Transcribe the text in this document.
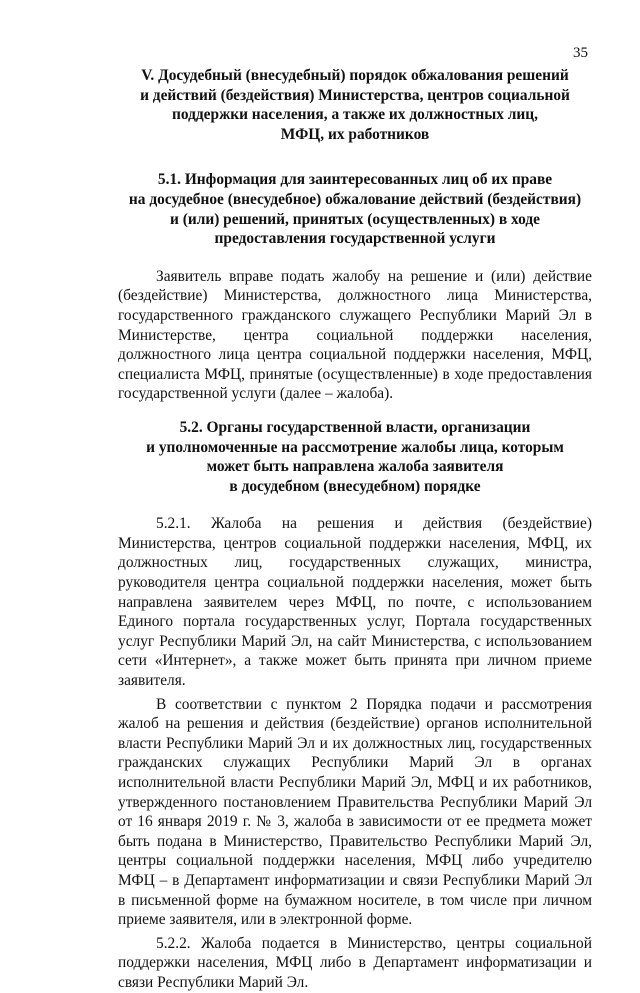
35

V. Досудебный (внесудебный) порядок обжалования решений
и действий (бездействия) Министерства, центров социальной
поддержки населения, а также их должностных лиц,
МФЦ, их работников

5.1. Информация для заинтересованных лиц об их праве
на досудебное (внесудебное) обжалование действий (бездействия)
и (или) решений, принятых (осуществленных) в ходе
предоставления государственной услуги

Заявитель вправе подать жалобу на решение и (или) действие (бездействие) Министерства, должностного лица Министерства, государственного гражданского служащего Республики Марий Эл в Министерстве, центра социальной поддержки населения, должностного лица центра социальной поддержки населения, МФЦ, специалиста МФЦ, принятые (осуществленные) в ходе предоставления государственной услуги (далее – жалоба).

5.2. Органы государственной власти, организации
и уполномоченные на рассмотрение жалобы лица, которым
может быть направлена жалоба заявителя
в досудебном (внесудебном) порядке

5.2.1. Жалоба на решения и действия (бездействие) Министерства, центров социальной поддержки населения, МФЦ, их должностных лиц, государственных служащих, министра, руководителя центра социальной поддержки населения, может быть направлена заявителем через МФЦ, по почте, с использованием Единого портала государственных услуг, Портала государственных услуг Республики Марий Эл, на сайт Министерства, с использованием сети «Интернет», а также может быть принята при личном приеме заявителя.

В соответствии с пунктом 2 Порядка подачи и рассмотрения жалоб на решения и действия (бездействие) органов исполнительной власти Республики Марий Эл и их должностных лиц, государственных гражданских служащих Республики Марий Эл в органах исполнительной власти Республики Марий Эл, МФЦ и их работников, утвержденного постановлением Правительства Республики Марий Эл от 16 января 2019 г. № 3, жалоба в зависимости от ее предмета может быть подана в Министерство, Правительство Республики Марий Эл, центры социальной поддержки населения, МФЦ либо учредителю МФЦ – в Департамент информатизации и связи Республики Марий Эл в письменной форме на бумажном носителе, в том числе при личном приеме заявителя, или в электронной форме.

5.2.2. Жалоба подается в Министерство, центры социальной поддержки населения, МФЦ либо в Департамент информатизации и связи Республики Марий Эл.
